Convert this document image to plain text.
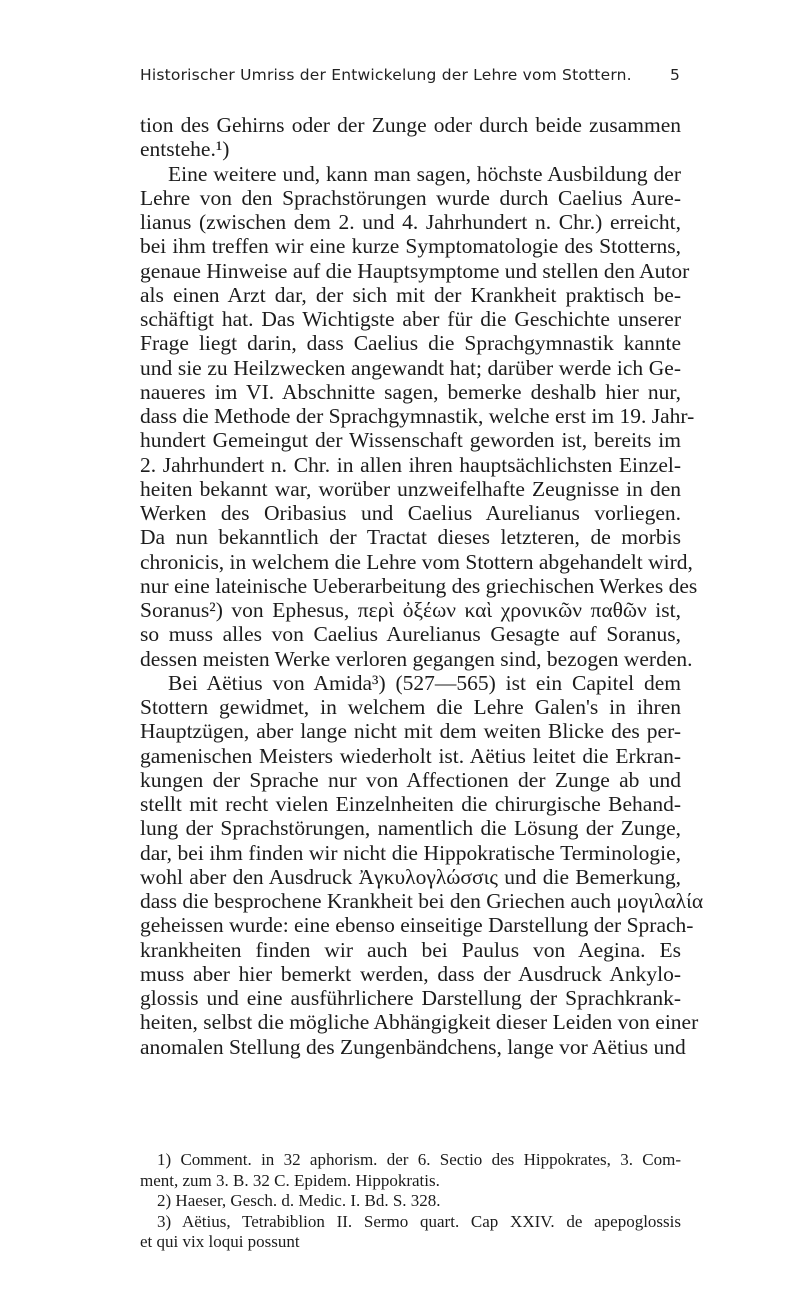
Historischer Umriss der Entwickelung der Lehre vom Stottern. 5
tion des Gehirns oder der Zunge oder durch beide zusammen
entstehe.¹)
Eine weitere und, kann man sagen, höchste Ausbildung der
Lehre von den Sprachstörungen wurde durch Caelius Aure-
lianus (zwischen dem 2. und 4. Jahrhundert n. Chr.) erreicht,
bei ihm treffen wir eine kurze Symptomatologie des Stotterns,
genaue Hinweise auf die Hauptsymptome und stellen den Autor
als einen Arzt dar, der sich mit der Krankheit praktisch be-
schäftigt hat. Das Wichtigste aber für die Geschichte unserer
Frage liegt darin, dass Caelius die Sprachgymnastik kannte
und sie zu Heilzwecken angewandt hat; darüber werde ich Ge-
naueres im VI. Abschnitte sagen, bemerke deshalb hier nur,
dass die Methode der Sprachgymnastik, welche erst im 19. Jahr-
hundert Gemeingut der Wissenschaft geworden ist, bereits im
2. Jahrhundert n. Chr. in allen ihren hauptsächlichsten Einzel-
heiten bekannt war, worüber unzweifelhafte Zeugnisse in den
Werken des Oribasius und Caelius Aurelianus vorliegen.
Da nun bekanntlich der Tractat dieses letzteren, de morbis
chronicis, in welchem die Lehre vom Stottern abgehandelt wird,
nur eine lateinische Ueberarbeitung des griechischen Werkes des
Soranus²) von Ephesus, περὶ ὀξέων καὶ χρονικῶν παθῶν ist,
so muss alles von Caelius Aurelianus Gesagte auf Soranus,
dessen meisten Werke verloren gegangen sind, bezogen werden.
Bei Aëtius von Amida³) (527—565) ist ein Capitel dem
Stottern gewidmet, in welchem die Lehre Galen's in ihren
Hauptzügen, aber lange nicht mit dem weiten Blicke des per-
gamenischen Meisters wiederholt ist. Aëtius leitet die Erkran-
kungen der Sprache nur von Affectionen der Zunge ab und
stellt mit recht vielen Einzelnheiten die chirurgische Behand-
lung der Sprachstörungen, namentlich die Lösung der Zunge,
dar, bei ihm finden wir nicht die Hippokratische Terminologie,
wohl aber den Ausdruck Ἀγκυλογλώσσις und die Bemerkung,
dass die besprochene Krankheit bei den Griechen auch μογιλαλία
geheissen wurde: eine ebenso einseitige Darstellung der Sprach-
krankheiten finden wir auch bei Paulus von Aegina. Es
muss aber hier bemerkt werden, dass der Ausdruck Ankylo-
glossis und eine ausführlichere Darstellung der Sprachkrank-
heiten, selbst die mögliche Abhängigkeit dieser Leiden von einer
anomalen Stellung des Zungenbändchens, lange vor Aëtius und
1) Comment. in 32 aphorism. der 6. Sectio des Hippokrates, 3. Com-
ment, zum 3. B. 32 C. Epidem. Hippokratis.
2) Haeser, Gesch. d. Medic. I. Bd. S. 328.
3) Aëtius, Tetrabiblion II. Sermo quart. Cap XXIV. de apepoglossis
et qui vix loqui possunt
